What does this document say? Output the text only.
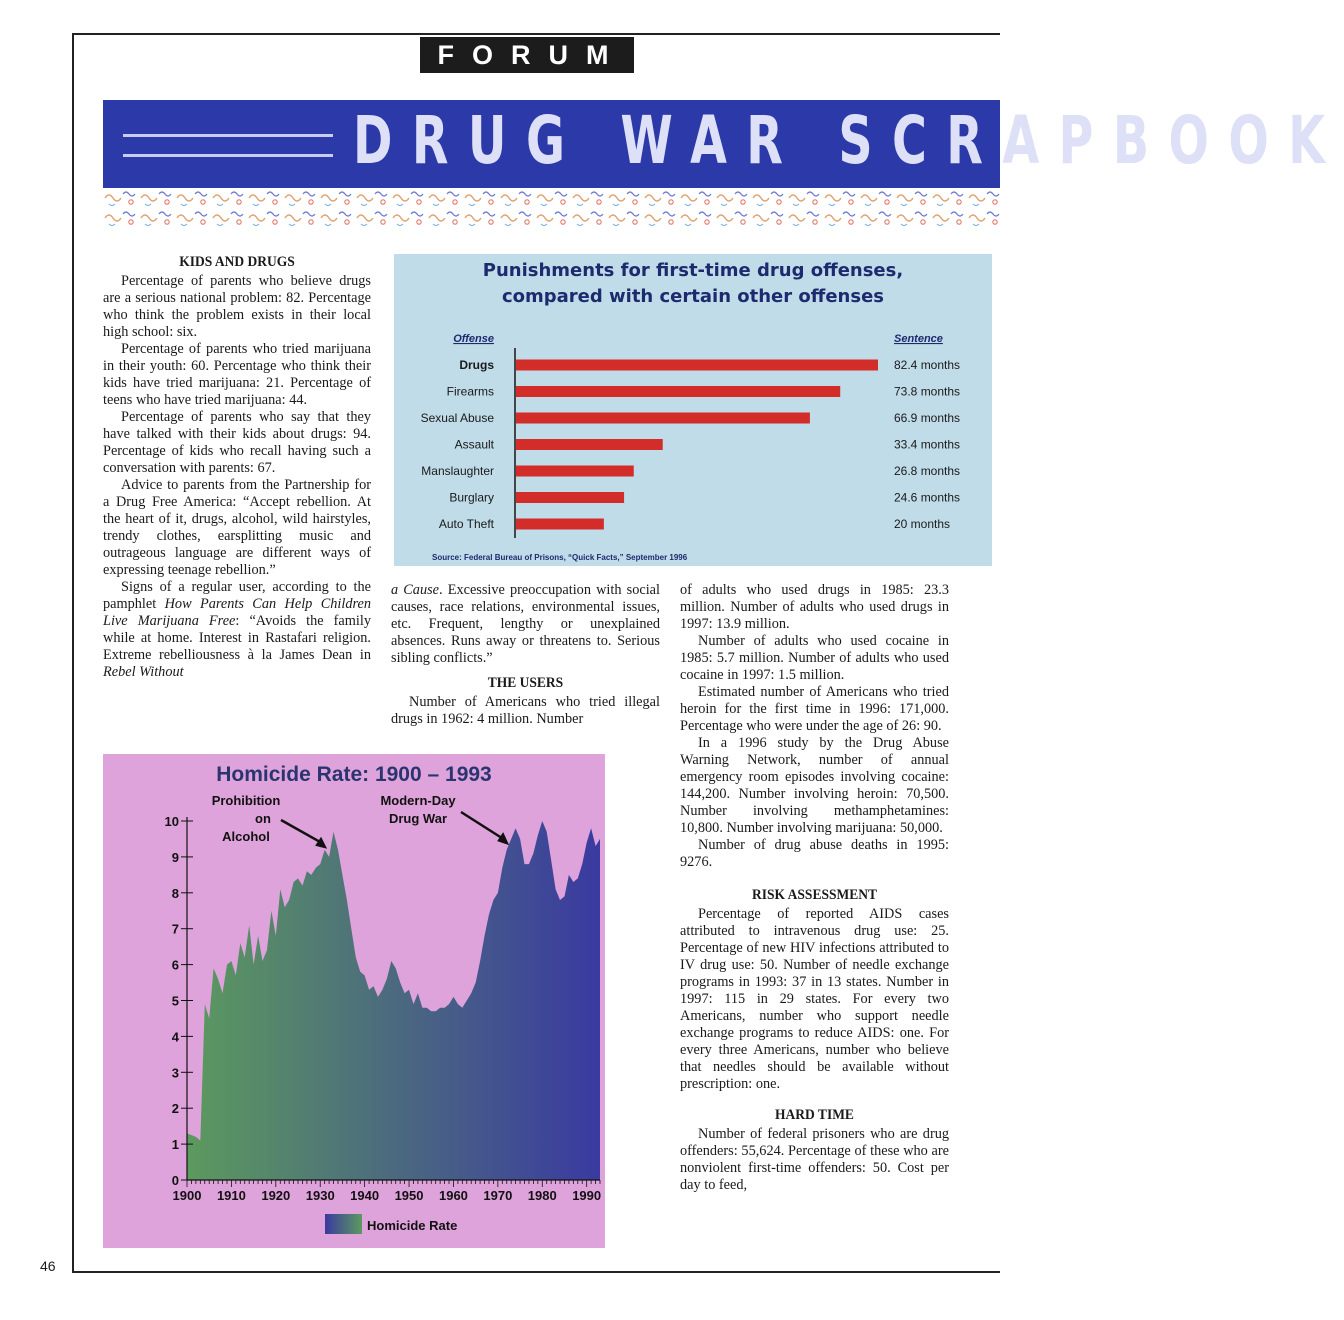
FORUM
DRUG WAR SCRAPBOOK
KIDS AND DRUGS

Percentage of parents who believe drugs are a serious national problem: 82. Percentage who think the problem exists in their local high school: six.

Percentage of parents who tried marijuana in their youth: 60. Percentage who think their kids have tried marijuana: 21. Percentage of teens who have tried marijuana: 44.

Percentage of parents who say that they have talked with their kids about drugs: 94. Percentage of kids who recall having such a conversation with parents: 67.

Advice to parents from the Partnership for a Drug Free America: “Accept rebellion. At the heart of it, drugs, alcohol, wild hairstyles, trendy clothes, earsplitting music and outrageous language are different ways of expressing teenage rebellion.”

Signs of a regular user, according to the pamphlet How Parents Can Help Children Live Marijuana Free: “Avoids the family while at home. Interest in Rastafari religion. Extreme rebelliousness à la James Dean in Rebel Without

Punishments for first-time drug offenses,
compared with certain other offenses
Offense	Sentence
Drugs	82.4 months
Firearms	73.8 months
Sexual Abuse	66.9 months
Assault	33.4 months
Manslaughter	26.8 months
Burglary	24.6 months
Auto Theft	20 months
Source: Federal Bureau of Prisons, “Quick Facts,” September 1996

a Cause. Excessive preoccupation with social causes, race relations, environmental issues, etc. Frequent, lengthy or unexplained absences. Runs away or threatens to. Serious sibling conflicts.”

THE USERS

Number of Americans who tried illegal drugs in 1962: 4 million. Number

of adults who used drugs in 1985: 23.3 million. Number of adults who used drugs in 1997: 13.9 million.

Number of adults who used cocaine in 1985: 5.7 million. Number of adults who used cocaine in 1997: 1.5 million.

Estimated number of Americans who tried heroin for the first time in 1996: 171,000. Percentage who were under the age of 26: 90.

In a 1996 study by the Drug Abuse Warning Network, number of annual emergency room episodes involving cocaine: 144,200. Number involving heroin: 70,500. Number involving methamphetamines: 10,800. Number involving marijuana: 50,000.

Number of drug abuse deaths in 1995: 9276.

RISK ASSESSMENT

Percentage of reported AIDS cases attributed to intravenous drug use: 25. Percentage of new HIV infections attributed to IV drug use: 50. Number of needle exchange programs in 1993: 37 in 13 states. Number in 1997: 115 in 29 states. For every two Americans, number who support needle exchange programs to reduce AIDS: one. For every three Americans, number who believe that needles should be available without prescription: one.

HARD TIME

Number of federal prisoners who are drug offenders: 55,624. Percentage of these who are nonviolent first-time offenders: 50. Cost per day to feed,

Homicide Rate: 1900 – 1993
0
1
2
3
4
5
6
7
8
9
10
1900 1910 1920 1930 1940 1950 1960 1970 1980 1990
Prohibition
on
Alcohol
Modern-Day
Drug War
Homicide Rate
46
